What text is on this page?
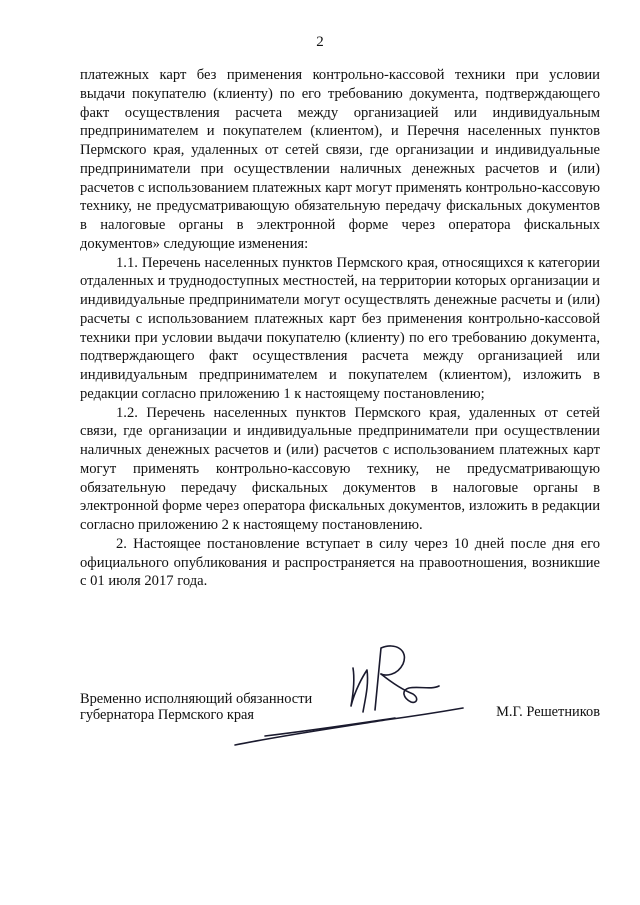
2

платежных карт без применения контрольно-кассовой техники при условии выдачи покупателю (клиенту) по его требованию документа, подтверждающего факт осуществления расчета между организацией или индивидуальным предпринимателем и покупателем (клиентом), и Перечня населенных пунктов Пермского края, удаленных от сетей связи, где организации и индивидуальные предприниматели при осуществлении наличных денежных расчетов и (или) расчетов с использованием платежных карт могут применять контрольно-кассовую технику, не предусматривающую обязательную передачу фискальных документов в налоговые органы в электронной форме через оператора фискальных документов» следующие изменения:

1.1. Перечень населенных пунктов Пермского края, относящихся к категории отдаленных и труднодоступных местностей, на территории которых организации и индивидуальные предприниматели могут осуществлять денежные расчеты и (или) расчеты с использованием платежных карт без применения контрольно-кассовой техники при условии выдачи покупателю (клиенту) по его требованию документа, подтверждающего факт осуществления расчета между организацией или индивидуальным предпринимателем и покупателем (клиентом), изложить в редакции согласно приложению 1 к настоящему постановлению;

1.2. Перечень населенных пунктов Пермского края, удаленных от сетей связи, где организации и индивидуальные предприниматели при осуществлении наличных денежных расчетов и (или) расчетов с использованием платежных карт могут применять контрольно-кассовую технику, не предусматривающую обязательную передачу фискальных документов в налоговые органы в электронной форме через оператора фискальных документов, изложить в редакции согласно приложению 2 к настоящему постановлению.

2. Настоящее постановление вступает в силу через 10 дней после дня его официального опубликования и распространяется на правоотношения, возникшие с 01 июля 2017 года.

Временно исполняющий обязанности
губернатора Пермского края	М.Г. Решетников
